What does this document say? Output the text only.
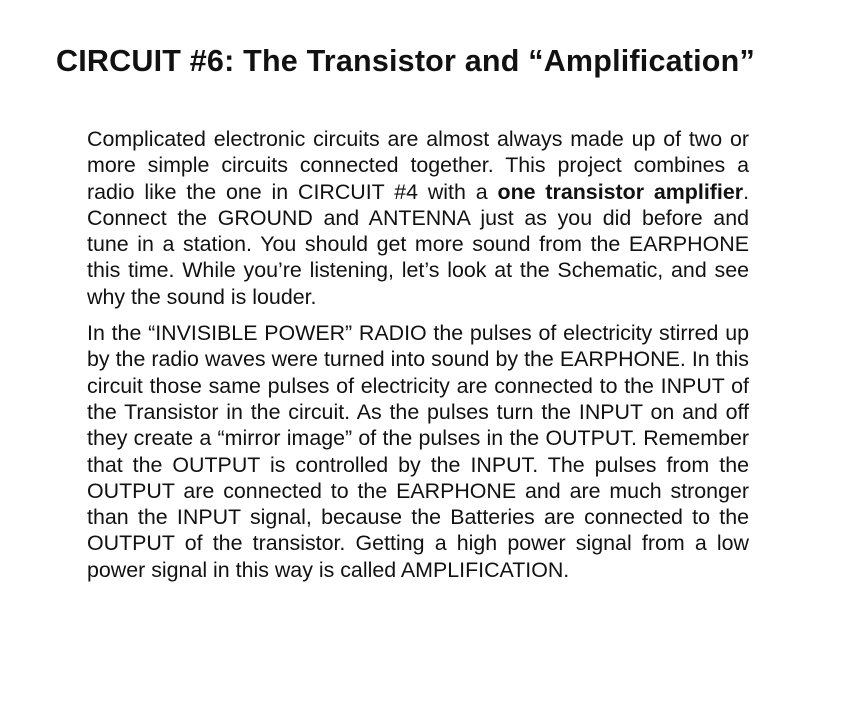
CIRCUIT #6: The Transistor and “Amplification”

Complicated electronic circuits are almost always made up of two or more simple circuits connected together. This project combines a radio like the one in CIRCUIT #4 with a one transistor amplifier. Connect the GROUND and ANTENNA just as you did before and tune in a station. You should get more sound from the EARPHONE this time. While you’re listening, let’s look at the Schematic, and see why the sound is louder.

In the “INVISIBLE POWER” RADIO the pulses of electricity stirred up by the radio waves were turned into sound by the EARPHONE. In this circuit those same pulses of electricity are connected to the INPUT of the Transistor in the circuit. As the pulses turn the INPUT on and off they create a “mirror image” of the pulses in the OUTPUT. Remember that the OUTPUT is controlled by the INPUT. The pulses from the OUTPUT are connected to the EARPHONE and are much stronger than the INPUT signal, because the Batteries are connected to the OUTPUT of the transistor. Getting a high power signal from a low power signal in this way is called AMPLIFICATION.
